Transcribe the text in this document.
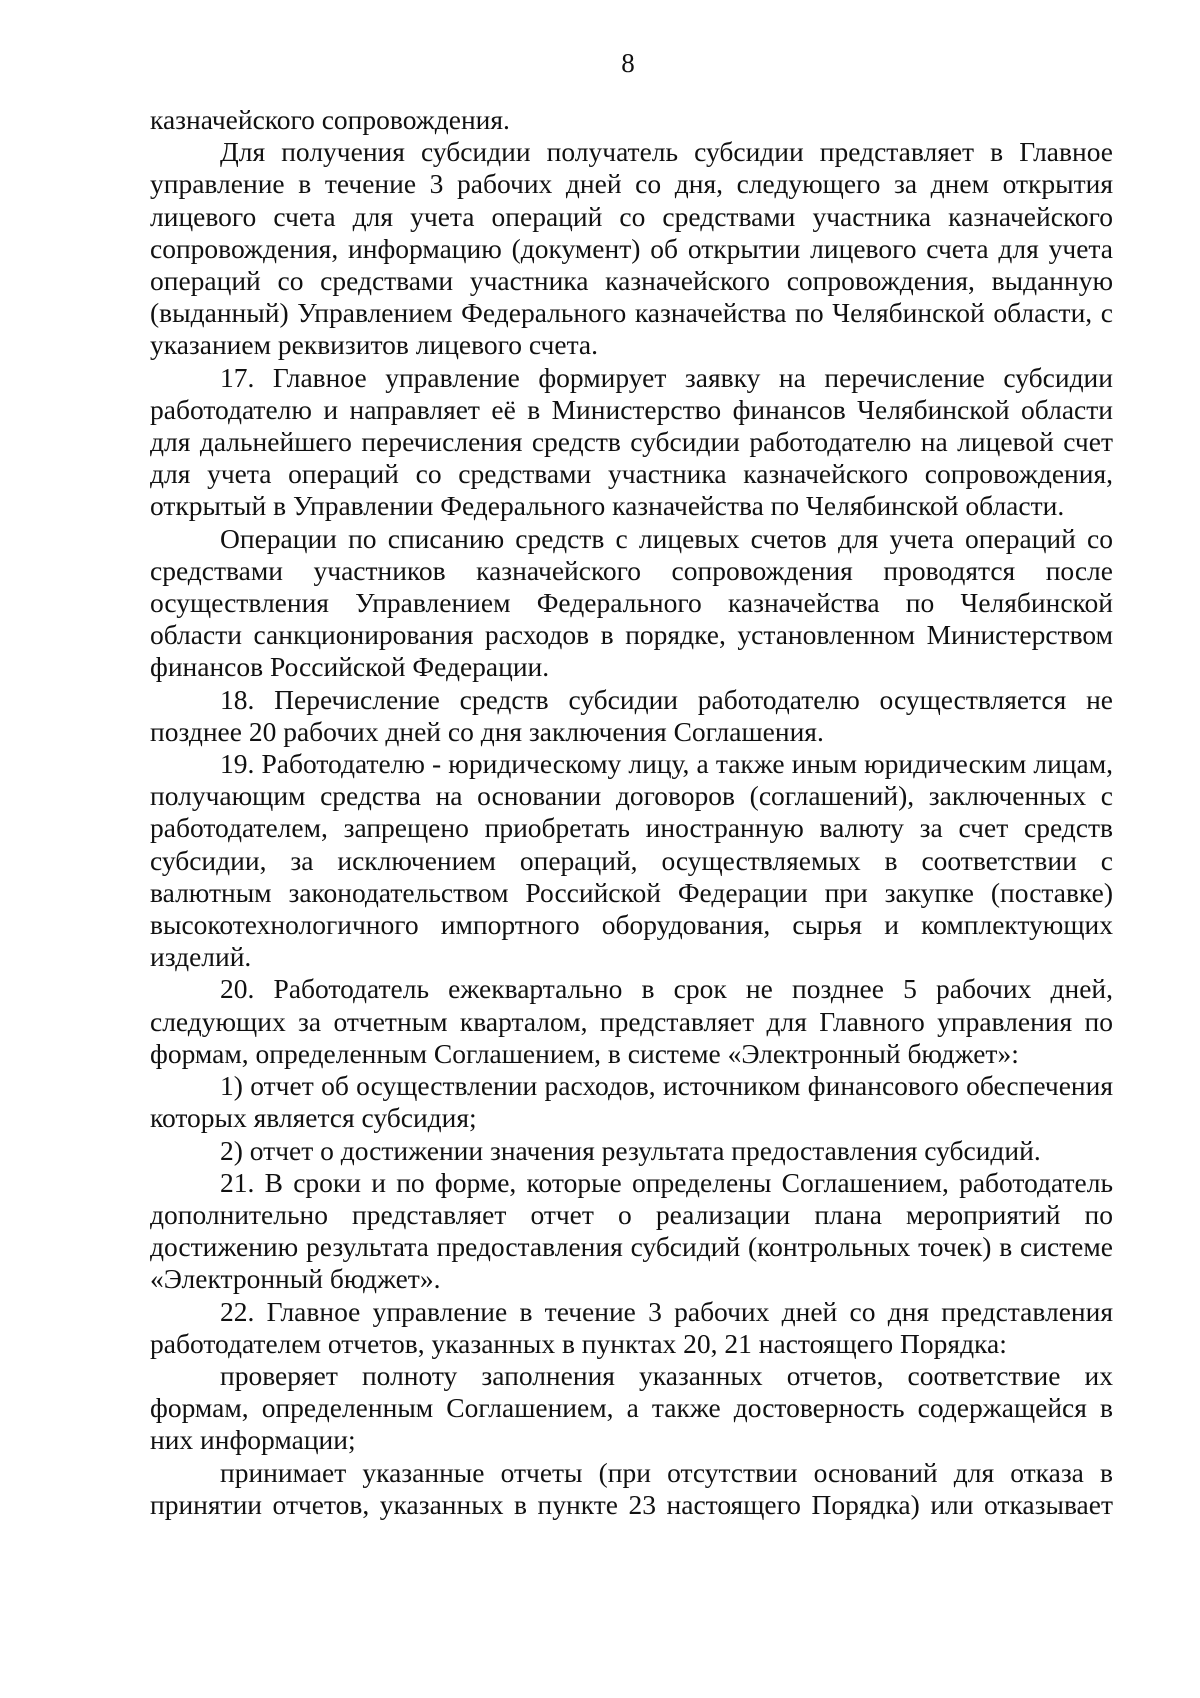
8

казначейского сопровождения.

Для получения субсидии получатель субсидии представляет в Главное управление в течение 3 рабочих дней со дня, следующего за днем открытия лицевого счета для учета операций со средствами участника казначейского сопровождения, информацию (документ) об открытии лицевого счета для учета операций со средствами участника казначейского сопровождения, выданную (выданный) Управлением Федерального казначейства по Челябинской области, с указанием реквизитов лицевого счета.

17. Главное управление формирует заявку на перечисление субсидии работодателю и направляет её в Министерство финансов Челябинской области для дальнейшего перечисления средств субсидии работодателю на лицевой счет для учета операций со средствами участника казначейского сопровождения, открытый в Управлении Федерального казначейства по Челябинской области.

Операции по списанию средств с лицевых счетов для учета операций со средствами участников казначейского сопровождения проводятся после осуществления Управлением Федерального казначейства по Челябинской области санкционирования расходов в порядке, установленном Министерством финансов Российской Федерации.

18. Перечисление средств субсидии работодателю осуществляется не позднее 20 рабочих дней со дня заключения Соглашения.

19. Работодателю - юридическому лицу, а также иным юридическим лицам, получающим средства на основании договоров (соглашений), заключенных с работодателем, запрещено приобретать иностранную валюту за счет средств субсидии, за исключением операций, осуществляемых в соответствии с валютным законодательством Российской Федерации при закупке (поставке) высокотехнологичного импортного оборудования, сырья и комплектующих изделий.

20. Работодатель ежеквартально в срок не позднее 5 рабочих дней, следующих за отчетным кварталом, представляет для Главного управления по формам, определенным Соглашением, в системе «Электронный бюджет»:

1) отчет об осуществлении расходов, источником финансового обеспечения которых является субсидия;

2) отчет о достижении значения результата предоставления субсидий.

21. В сроки и по форме, которые определены Соглашением, работодатель дополнительно представляет отчет о реализации плана мероприятий по достижению результата предоставления субсидий (контрольных точек) в системе «Электронный бюджет».

22. Главное управление в течение 3 рабочих дней со дня представления работодателем отчетов, указанных в пунктах 20, 21 настоящего Порядка:

проверяет полноту заполнения указанных отчетов, соответствие их формам, определенным Соглашением, а также достоверность содержащейся в них информации;

принимает указанные отчеты (при отсутствии оснований для отказа в принятии отчетов, указанных в пункте 23 настоящего Порядка) или отказывает
